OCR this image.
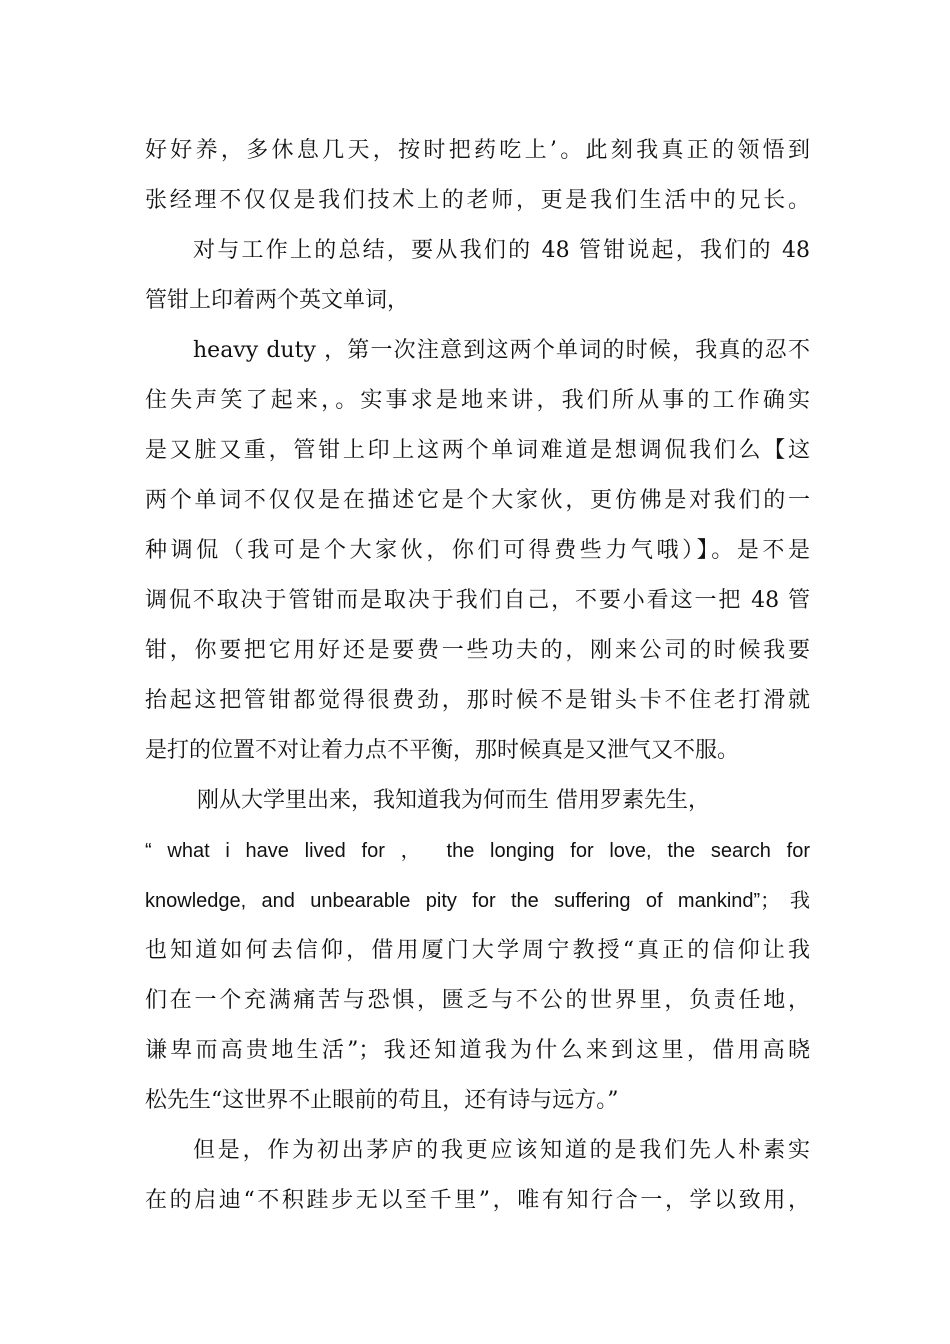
好好养，多休息几天，按时把药吃上’。此刻我真正的领悟到
张经理不仅仅是我们技术上的老师，更是我们生活中的兄长。
对与工作上的总结，要从我们的 48 管钳说起，我们的 48
管钳上印着两个英文单词，
heavy duty ，第一次注意到这两个单词的时候，我真的忍不
住失声笑了起来，。实事求是地来讲，我们所从事的工作确实
是又脏又重，管钳上印上这两个单词难道是想调侃我们么【这
两个单词不仅仅是在描述它是个大家伙，更仿佛是对我们的一
种调侃（我可是个大家伙，你们可得费些力气哦）】。是不是
调侃不取决于管钳而是取决于我们自己，不要小看这一把 48 管
钳，你要把它用好还是要费一些功夫的，刚来公司的时候我要
抬起这把管钳都觉得很费劲，那时候不是钳头卡不住老打滑就
是打的位置不对让着力点不平衡，那时候真是又泄气又不服。
刚从大学里出来，我知道我为何而生 借用罗素先生，
“ what i have lived for ， the longing for love, the search for
knowledge, and unbearable pity for the suffering of mankind”；我
也知道如何去信仰，借用厦门大学周宁教授“真正的信仰让我
们在一个充满痛苦与恐惧，匮乏与不公的世界里，负责任地，
谦卑而高贵地生活”；我还知道我为什么来到这里，借用高晓
松先生“这世界不止眼前的苟且，还有诗与远方。”
但是，作为初出茅庐的我更应该知道的是我们先人朴素实
在的启迪“不积跬步无以至千里”，唯有知行合一，学以致用，
